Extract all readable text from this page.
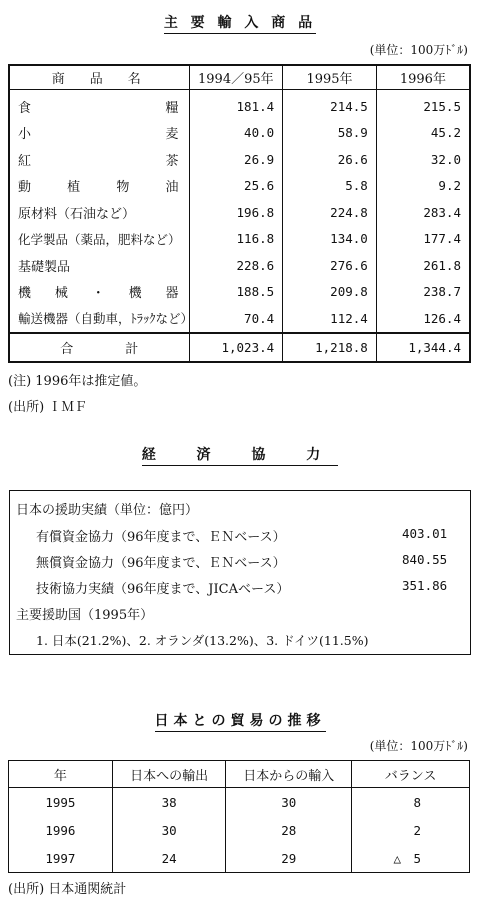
主 要 輸 入 商 品
(単位：100万ﾄﾞﾙ)
商　品　名	1994／95年	1995年	1996年

食 糧	181.4	214.5	215.5

小 麦	40.0	58.9	45.2

紅 茶	26.9	26.6	32.0

動 植 物 油	25.6	5.8	9.2
原材料（石油など）	196.8	224.8	283.4
化学製品（薬品，肥料など）	116.8	134.0	177.4
基礎製品	228.6	276.6	261.8

機 械 ・ 機 器	188.5	209.8	238.7
輸送機器（自動車，ﾄﾗｯｸなど）	70.4	112.4	126.4
合　　　　計	1,023.4	1,218.8	1,344.4
(注) 1996年は推定値。
(出所) ＩＭＦ
経 済 協 力
日本の援助実績（単位：億円）
有償資金協力（96年度まで、ＥＮベース）	403.01
無償資金協力（96年度まで、ＥＮベース）	840.55
技術協力実績（96年度まで、JICAベース）	351.86
主要援助国（1995年）
1. 日本(21.2%)、2. オランダ(13.2%)、3. ドイツ(11.5%)
日本との貿易の推移
(単位：100万ﾄﾞﾙ)
年	日本への輸出	日本からの輸入	バランス
1995	38	30	8
1996	30	28	2
1997	24	29	△　5
(出所) 日本通関統計
